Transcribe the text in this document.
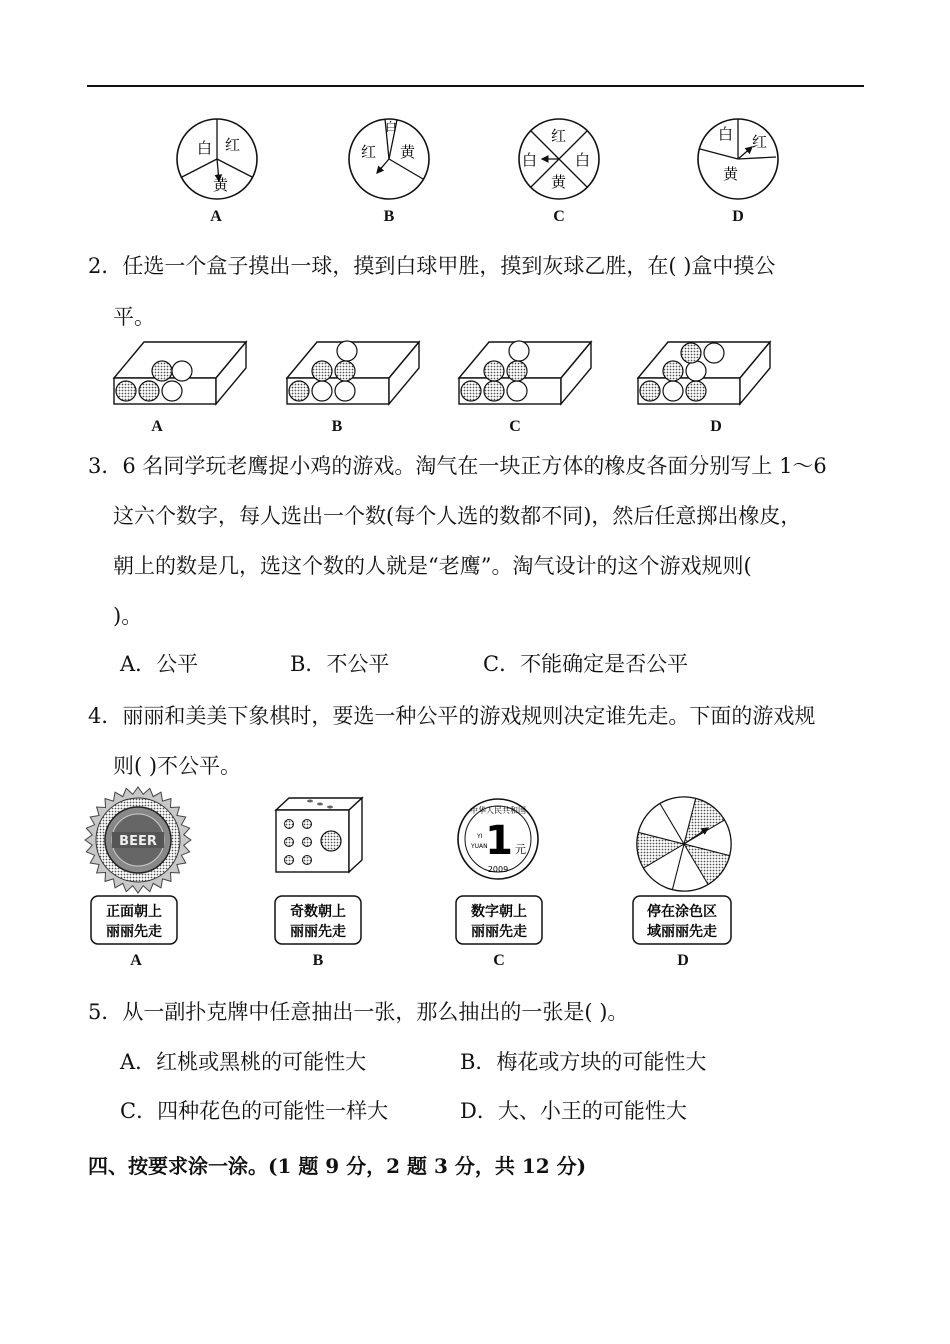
白 红
黄
A
白
红 黄
B
红
白	白
黄
C
白 红
黄
D
2．任选一个盒子摸出一球，摸到白球甲胜，摸到灰球乙胜，在( )盒中摸公
平。
A	B	C	D
3．6 名同学玩老鹰捉小鸡的游戏。淘气在一块正方体的橡皮各面分别写上 1～6
这六个数字，每人选出一个数(每个人选的数都不同)，然后任意掷出橡皮，
朝上的数是几，选这个数的人就是“老鹰”。淘气设计的这个游戏规则(
)。
A．公平	B．不公平	C．不能确定是否公平
4．丽丽和美美下象棋时，要选一种公平的游戏规则决定谁先走。下面的游戏规
则( )不公平。
BEER
中华人民共和国
1 元
YI
YUAN
2009
正面朝上
丽丽先走
A
奇数朝上
丽丽先走
B
数字朝上
丽丽先走
C
停在涂色区
域丽丽先走
D
5．从一副扑克牌中任意抽出一张，那么抽出的一张是( )。
A．红桃或黑桃的可能性大	B．梅花或方块的可能性大
C．四种花色的可能性一样大	D．大、小王的可能性大
四、按要求涂一涂。(1 题 9 分，2 题 3 分，共 12 分)
